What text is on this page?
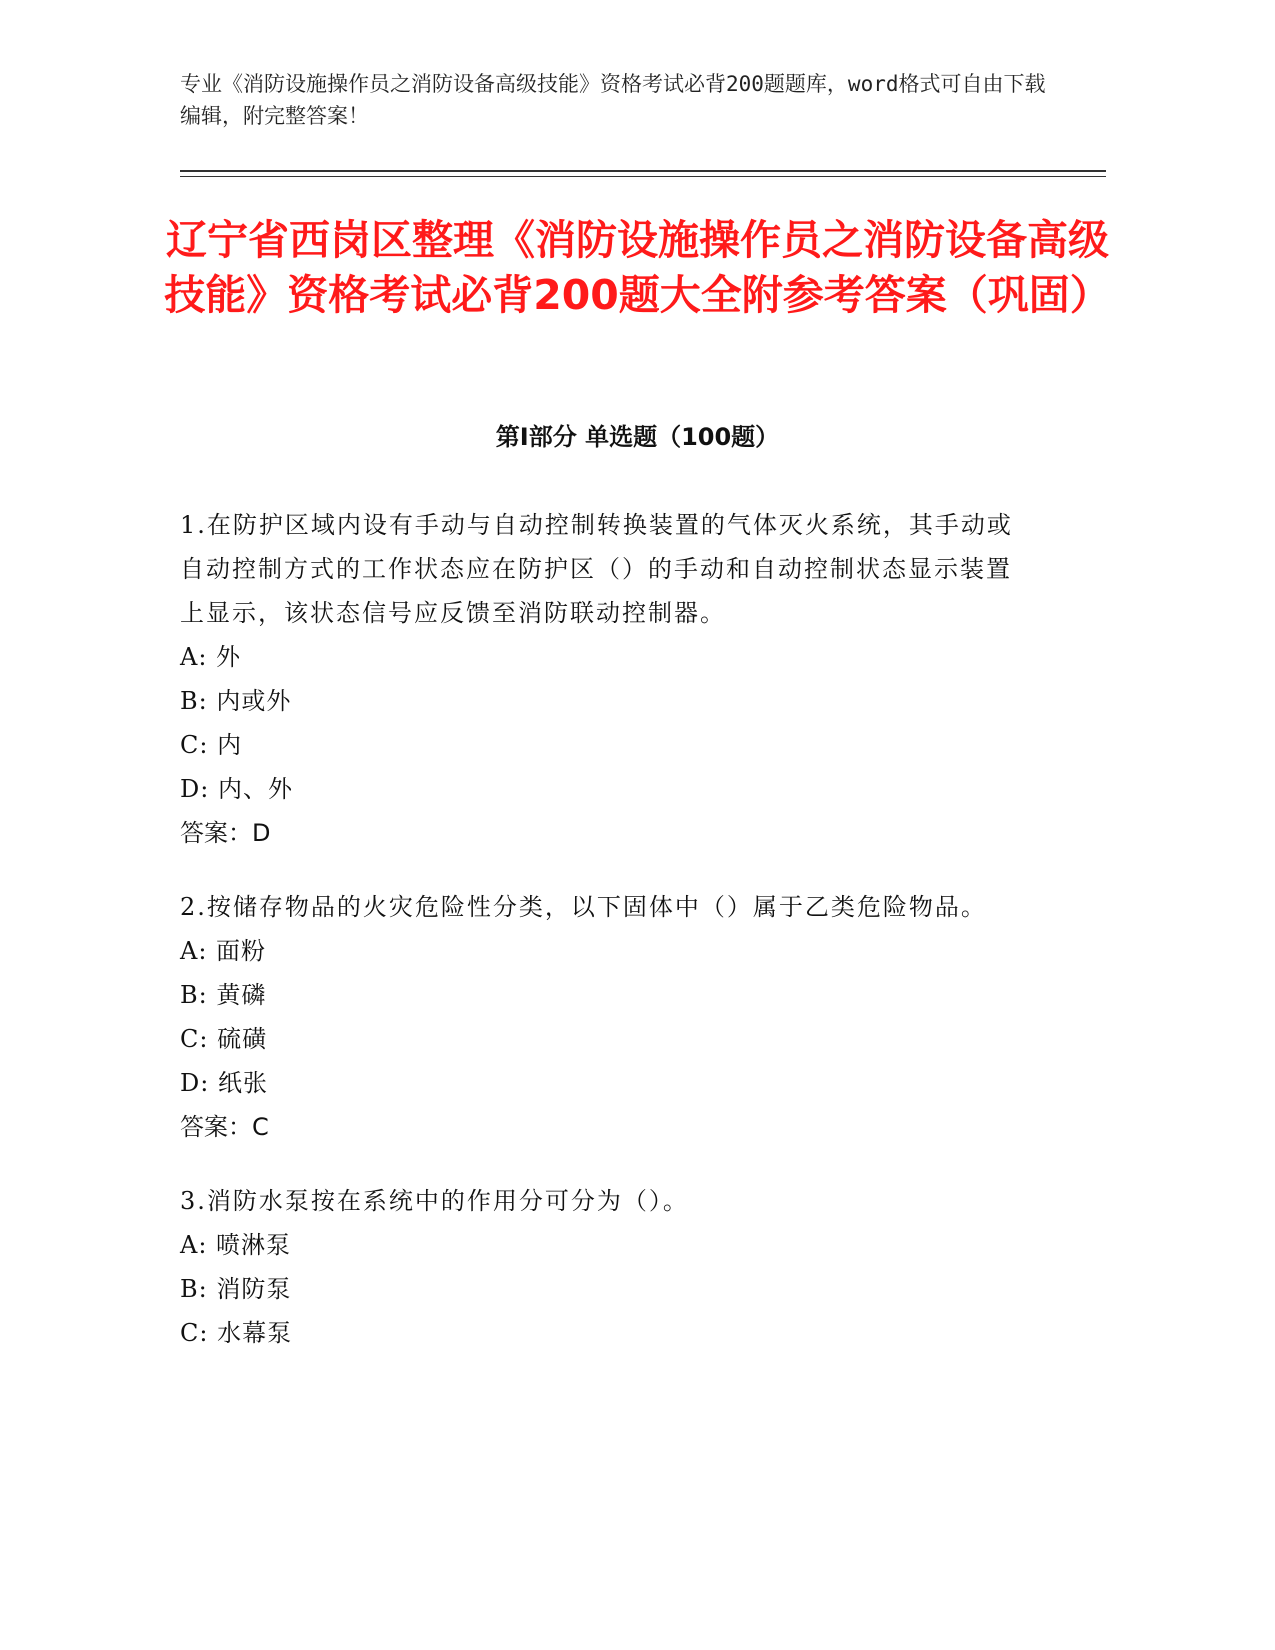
专业《消防设施操作员之消防设备高级技能》资格考试必背200题题库，word格式可自由下载编辑，附完整答案！
辽宁省西岗区整理《消防设施操作员之消防设备高级技能》资格考试必背200题大全附参考答案（巩固）
第I部分 单选题（100题）
1.在防护区域内设有手动与自动控制转换装置的气体灭火系统，其手动或自动控制方式的工作状态应在防护区（）的手动和自动控制状态显示装置上显示，该状态信号应反馈至消防联动控制器。
A: 外
B: 内或外
C: 内
D: 内、外
答案：D
2.按储存物品的火灾危险性分类，以下固体中（）属于乙类危险物品。
A: 面粉
B: 黄磷
C: 硫磺
D: 纸张
答案：C
3.消防水泵按在系统中的作用分可分为（）。
A: 喷淋泵
B: 消防泵
C: 水幕泵
